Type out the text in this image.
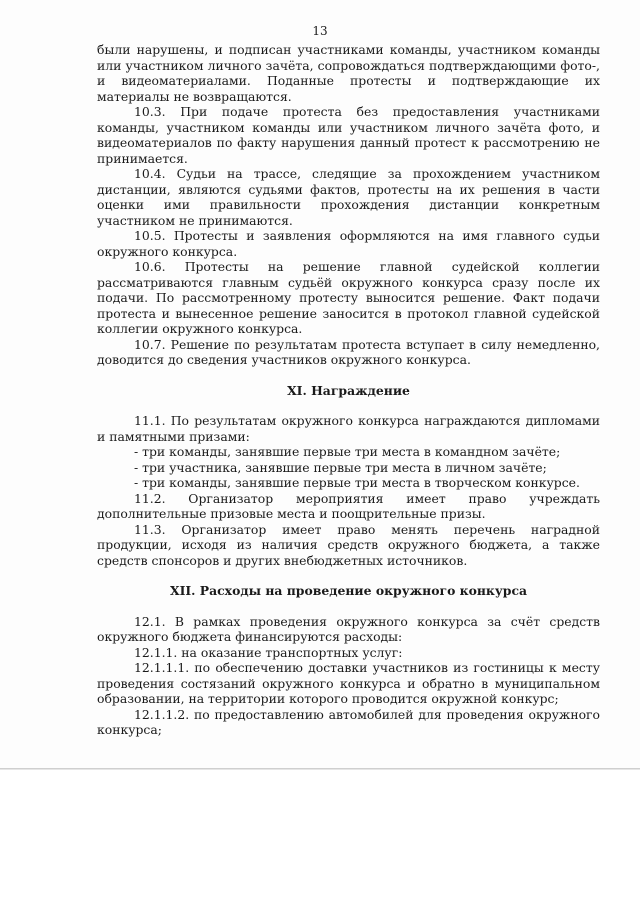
13

были нарушены, и подписан участниками команды, участником команды или участником личного зачёта, сопровождаться подтверждающими фото-, и видеоматериалами. Поданные протесты и подтверждающие их материалы не возвращаются.

10.3. При подаче протеста без предоставления участниками команды, участником команды или участником личного зачёта фото, и видеоматериалов по факту нарушения данный протест к рассмотрению не принимается.

10.4. Судьи на трассе, следящие за прохождением участником дистанции, являются судьями фактов, протесты на их решения в части оценки ими правильности прохождения дистанции конкретным участником не принимаются.

10.5. Протесты и заявления оформляются на имя главного судьи окружного конкурса.

10.6. Протесты на решение главной судейской коллегии рассматриваются главным судьёй окружного конкурса сразу после их подачи. По рассмотренному протесту выносится решение. Факт подачи протеста и вынесенное решение заносится в протокол главной судейской коллегии окружного конкурса.

10.7. Решение по результатам протеста вступает в силу немедленно, доводится до сведения участников окружного конкурса.

XI. Награждение

11.1. По результатам окружного конкурса награждаются дипломами и памятными призами:

- три команды, занявшие первые три места в командном зачёте;

- три участника, занявшие первые три места в личном зачёте;

- три команды, занявшие первые три места в творческом конкурсе.

11.2. Организатор мероприятия имеет право учреждать дополнительные призовые места и поощрительные призы.

11.3. Организатор имеет право менять перечень наградной продукции, исходя из наличия средств окружного бюджета, а также средств спонсоров и других внебюджетных источников.

XII. Расходы на проведение окружного конкурса

12.1. В рамках проведения окружного конкурса за счёт средств окружного бюджета финансируются расходы:

12.1.1. на оказание транспортных услуг:

12.1.1.1. по обеспечению доставки участников из гостиницы к месту проведения состязаний окружного конкурса и обратно в муниципальном образовании, на территории которого проводится окружной конкурс;

12.1.1.2. по предоставлению автомобилей для проведения окружного конкурса;
